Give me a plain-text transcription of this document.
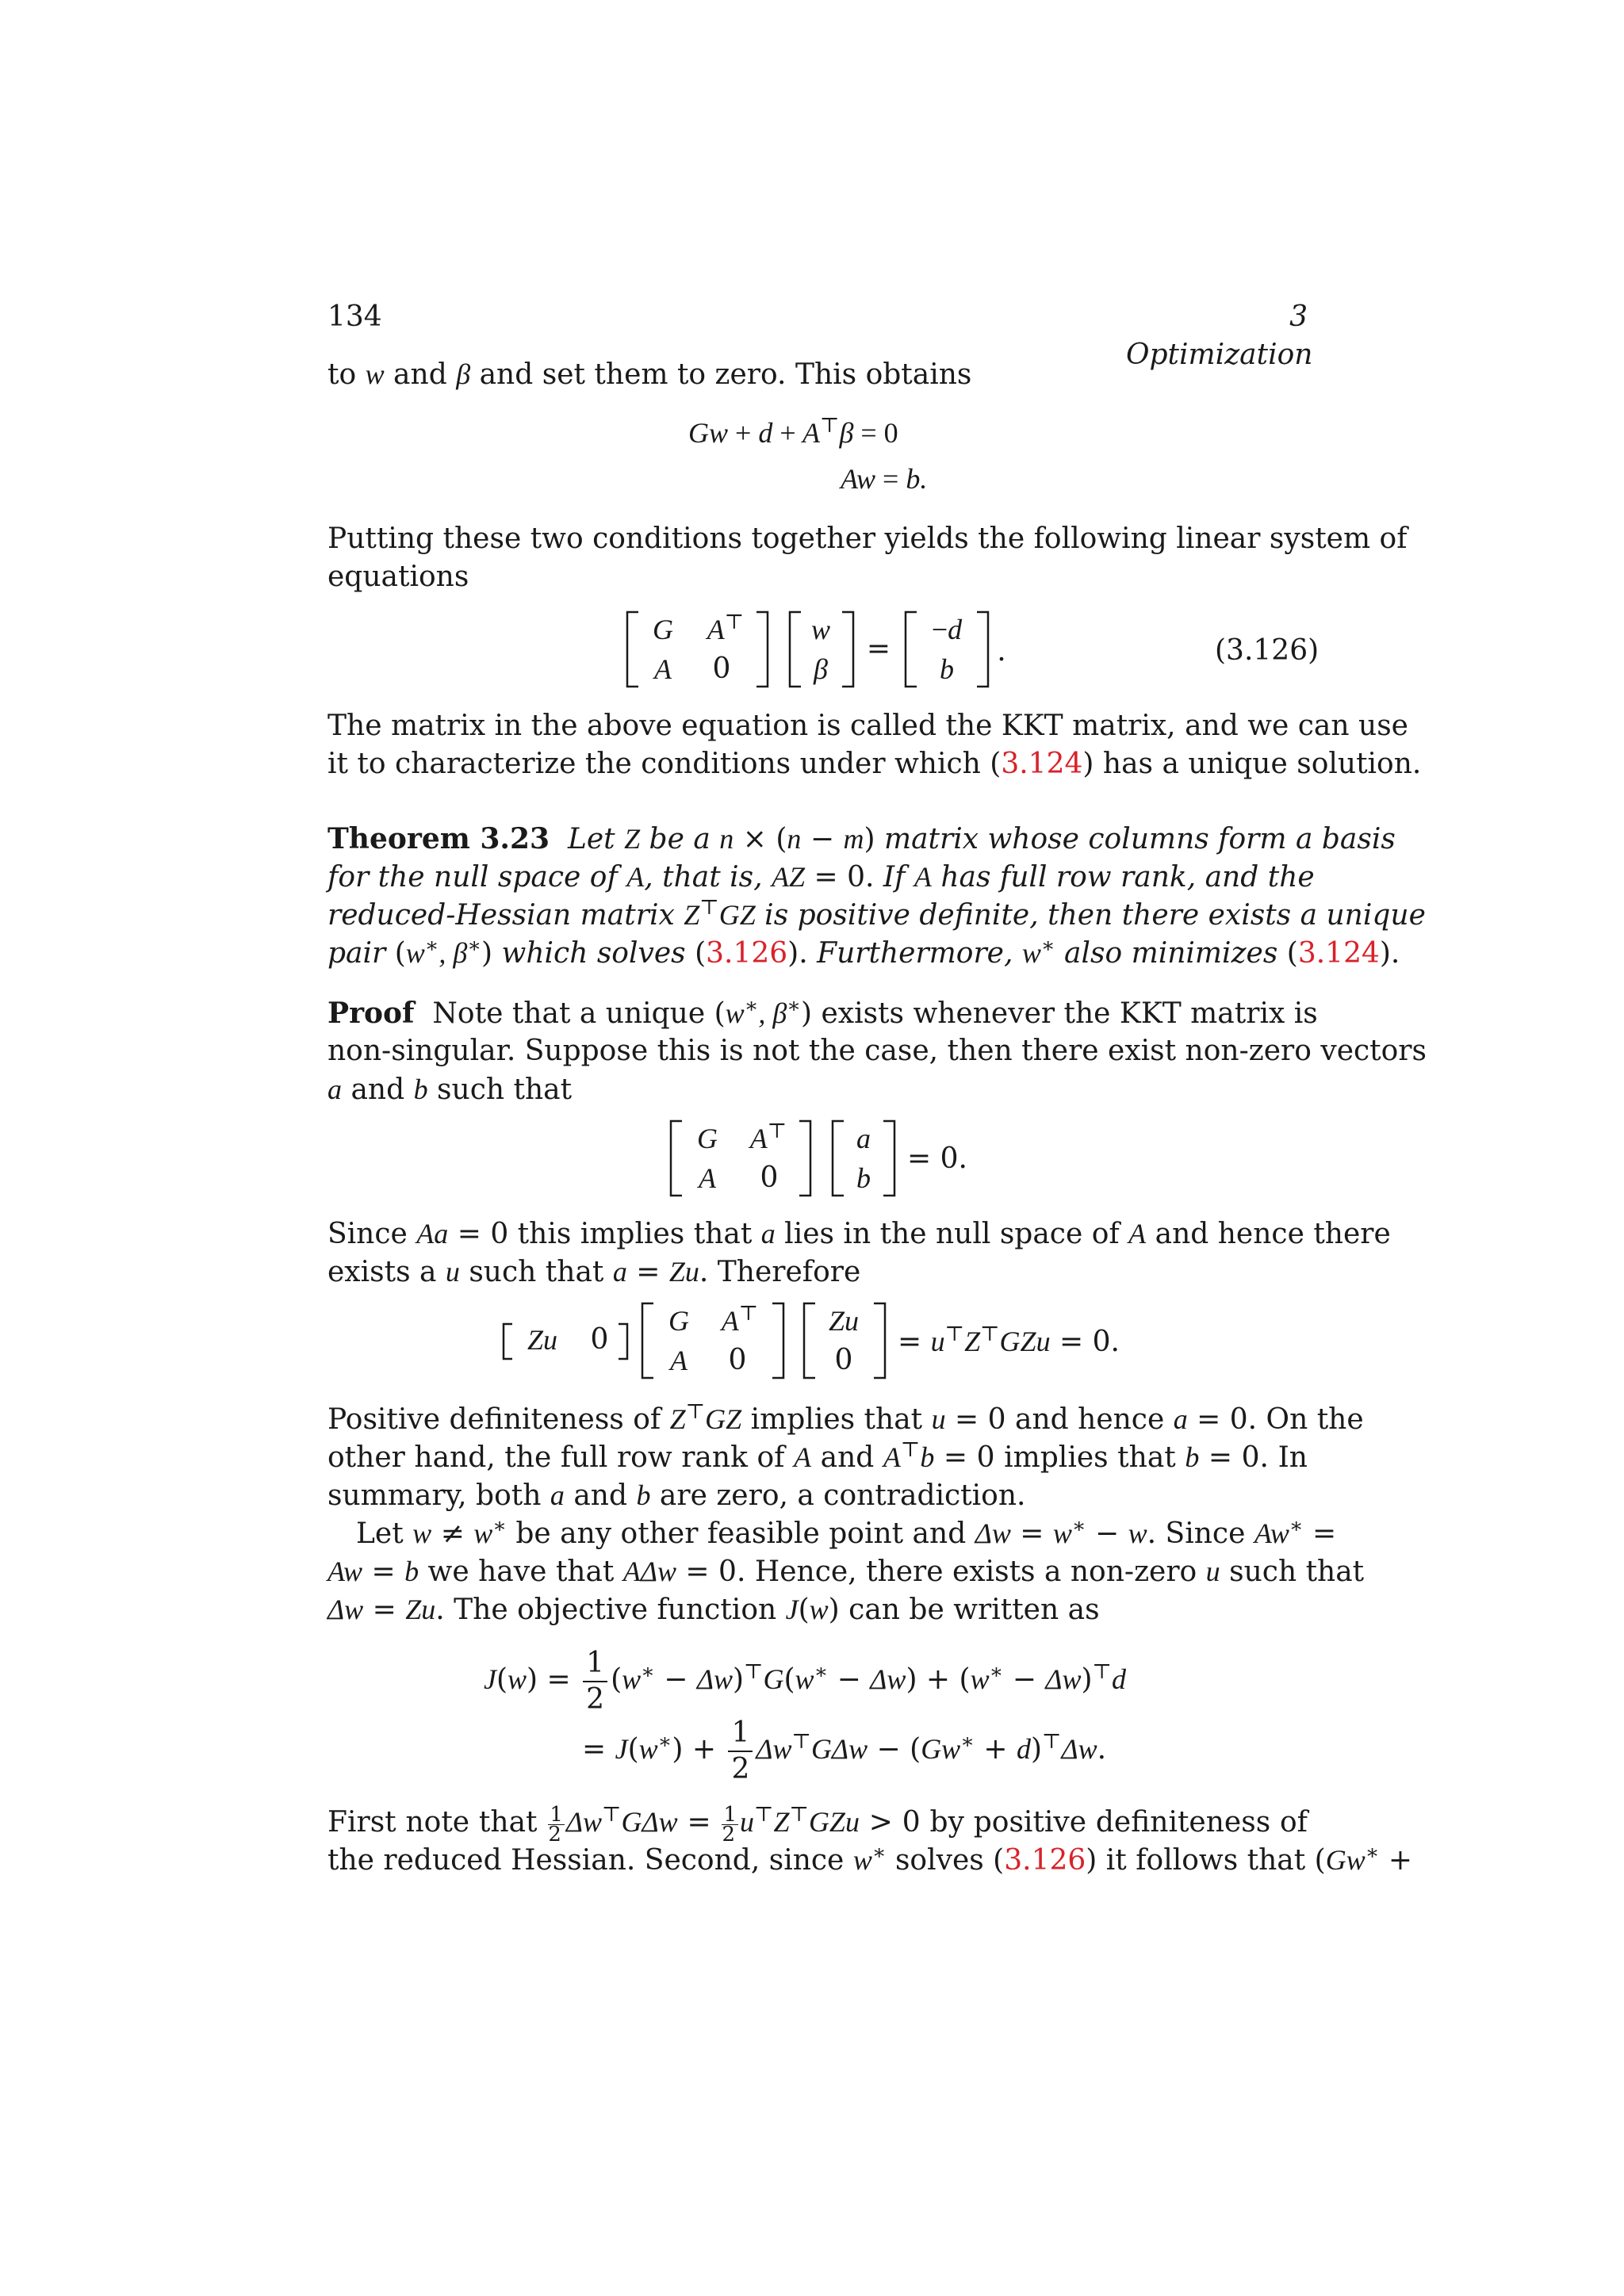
134	3 Optimization
to w and β and set them to zero. This obtains
Gw + d + A⊤β = 0
Aw = b.
Putting these two conditions together yields the following linear system of
equations
G	A⊤
A	0
w
β
=
−d
b
.	(3.126)
The matrix in the above equation is called the KKT matrix, and we can use
it to characterize the conditions under which (3.124) has a unique solution.
Theorem 3.23  Let Z be a n × (n − m) matrix whose columns form a basis
for the null space of A, that is, AZ = 0. If A has full row rank, and the
reduced-Hessian matrix Z⊤GZ is positive definite, then there exists a unique
pair (w∗, β∗) which solves (3.126). Furthermore, w∗ also minimizes (3.124).
Proof  Note that a unique (w∗, β∗) exists whenever the KKT matrix is
non-singular. Suppose this is not the case, then there exist non-zero vectors
a and b such that
G	A⊤
A	0
a
b
= 0.
Since Aa = 0 this implies that a lies in the null space of A and hence there
exists a u such that a = Zu. Therefore
Zu	0
G	A⊤
A	0
Zu
0
= u⊤Z⊤GZu = 0.
Positive definiteness of Z⊤GZ implies that u = 0 and hence a = 0. On the
other hand, the full row rank of A and A⊤b = 0 implies that b = 0. In
summary, both a and b are zero, a contradiction.
Let w ≠ w∗ be any other feasible point and Δw = w∗ − w. Since Aw∗ =
Aw = b we have that AΔw = 0. Hence, there exists a non-zero u such that
Δw = Zu. The objective function J(w) can be written as
$J(w) = \frac{1}{2} (w^∗ - \Delta w)^⊤G(w^∗ - \Delta w) + (w^∗ - \Delta w)^⊤d$
= $J(w^∗) + \frac{1}{2} \Delta w^⊤G\Delta w - (Gw^∗ + d)^⊤\Delta w$.
First note that $\frac{1}{2} \Delta w^⊤G\Delta w = \frac{1}{2} u^⊤Z^⊤GZu > 0$ by positive definiteness of
the reduced Hessian. Second, since w∗ solves (3.126) it follows that (Gw∗ +
